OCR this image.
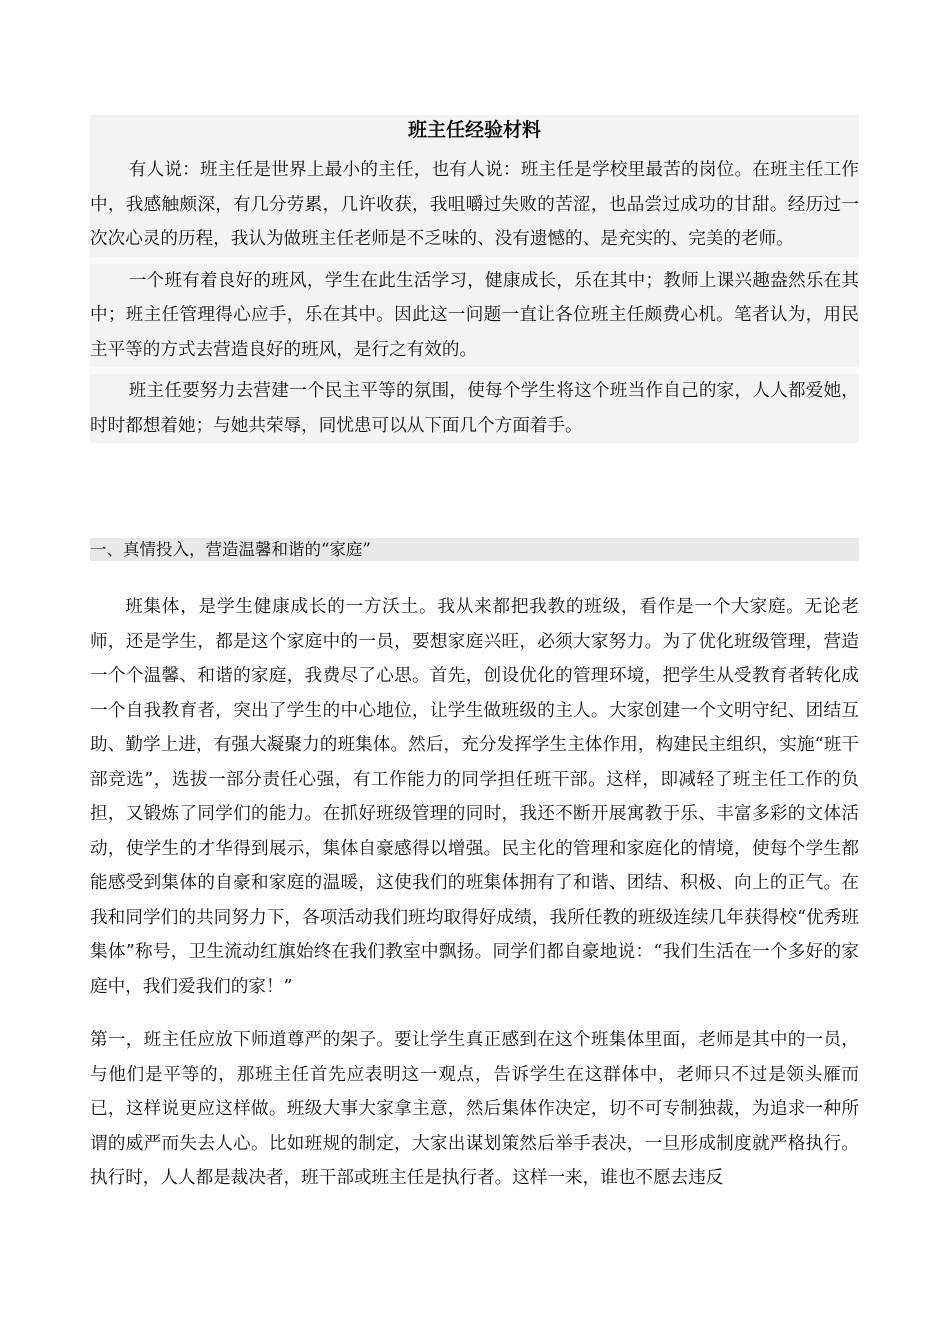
班主任经验材料

有人说：班主任是世界上最小的主任，也有人说：班主任是学校里最苦的岗位。在班主任工作中，我感触颇深，有几分劳累，几许收获，我咀嚼过失败的苦涩，也品尝过成功的甘甜。经历过一次次心灵的历程，我认为做班主任老师是不乏味的、没有遗憾的、是充实的、完美的老师。

一个班有着良好的班风，学生在此生活学习，健康成长，乐在其中；教师上课兴趣盎然乐在其中；班主任管理得心应手，乐在其中。因此这一问题一直让各位班主任颇费心机。笔者认为，用民主平等的方式去营造良好的班风，是行之有效的。

班主任要努力去营建一个民主平等的氛围，使每个学生将这个班当作自己的家，人人都爱她，时时都想着她；与她共荣辱，同忧患可以从下面几个方面着手。

一、真情投入，营造温馨和谐的“家庭”

班集体，是学生健康成长的一方沃土。我从来都把我教的班级，看作是一个大家庭。无论老师，还是学生，都是这个家庭中的一员，要想家庭兴旺，必须大家努力。为了优化班级管理，营造一个个温馨、和谐的家庭，我费尽了心思。首先，创设优化的管理环境，把学生从受教育者转化成一个自我教育者，突出了学生的中心地位，让学生做班级的主人。大家创建一个文明守纪、团结互助、勤学上进，有强大凝聚力的班集体。然后，充分发挥学生主体作用，构建民主组织，实施“班干部竞选”，选拔一部分责任心强，有工作能力的同学担任班干部。这样，即减轻了班主任工作的负担，又锻炼了同学们的能力。在抓好班级管理的同时，我还不断开展寓教于乐、丰富多彩的文体活动，使学生的才华得到展示，集体自豪感得以增强。民主化的管理和家庭化的情境，使每个学生都能感受到集体的自豪和家庭的温暖，这使我们的班集体拥有了和谐、团结、积极、向上的正气。在我和同学们的共同努力下，各项活动我们班均取得好成绩，我所任教的班级连续几年获得校“优秀班集体”称号，卫生流动红旗始终在我们教室中飘扬。同学们都自豪地说：“我们生活在一个多好的家庭中，我们爱我们的家！”

第一，班主任应放下师道尊严的架子。要让学生真正感到在这个班集体里面，老师是其中的一员，与他们是平等的，那班主任首先应表明这一观点，告诉学生在这群体中，老师只不过是领头雁而已，这样说更应这样做。班级大事大家拿主意，然后集体作决定，切不可专制独裁，为追求一种所谓的威严而失去人心。比如班规的制定，大家出谋划策然后举手表决，一旦形成制度就严格执行。执行时，人人都是裁决者，班干部或班主任是执行者。这样一来，谁也不愿去违反
